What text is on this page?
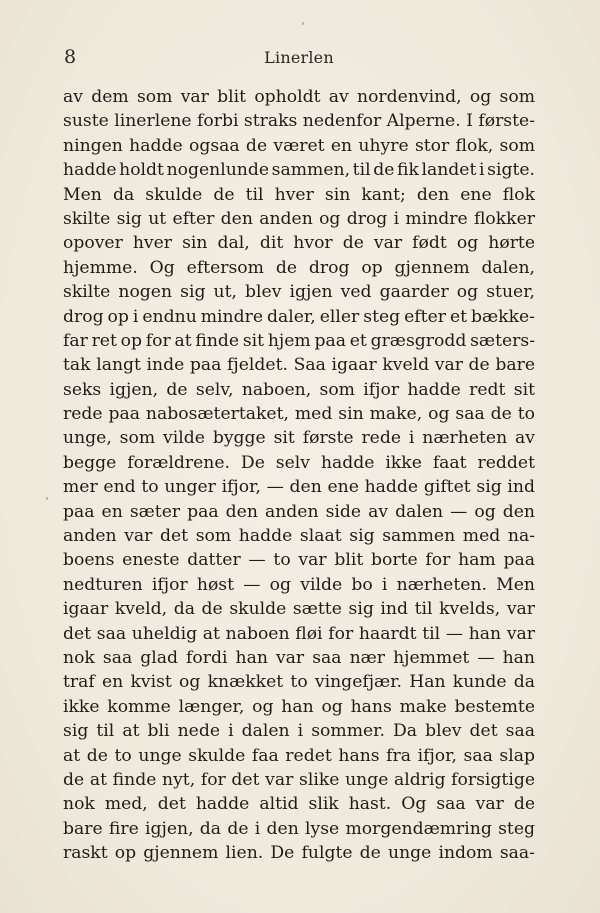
8	Linerlen
av dem som var blit opholdt av nordenvind, og som
suste linerlene forbi straks nedenfor Alperne. I første-
ningen hadde ogsaa de været en uhyre stor flok, som
hadde holdt nogenlunde sammen, til de fik landet i sigte.
Men da skulde de til hver sin kant; den ene flok
skilte sig ut efter den anden og drog i mindre flokker
opover hver sin dal, dit hvor de var født og hørte
hjemme. Og eftersom de drog op gjennem dalen,
skilte nogen sig ut, blev igjen ved gaarder og stuer,
drog op i endnu mindre daler, eller steg efter et bække-
far ret op for at finde sit hjem paa et græsgrodd sæters-
tak langt inde paa fjeldet. Saa igaar kveld var de bare
seks igjen, de selv, naboen, som ifjor hadde redt sit
rede paa nabosætertaket, med sin make, og saa de to
unge, som vilde bygge sit første rede i nærheten av
begge forældrene. De selv hadde ikke faat reddet
mer end to unger ifjor, — den ene hadde giftet sig ind
paa en sæter paa den anden side av dalen — og den
anden var det som hadde slaat sig sammen med na-
boens eneste datter — to var blit borte for ham paa
nedturen ifjor høst — og vilde bo i nærheten. Men
igaar kveld, da de skulde sætte sig ind til kvelds, var
det saa uheldig at naboen fløi for haardt til — han var
nok saa glad fordi han var saa nær hjemmet — han
traf en kvist og knækket to vingefjær. Han kunde da
ikke komme længer, og han og hans make bestemte
sig til at bli nede i dalen i sommer. Da blev det saa
at de to unge skulde faa redet hans fra ifjor, saa slap
de at finde nyt, for det var slike unge aldrig forsigtige
nok med, det hadde altid slik hast. Og saa var de
bare fire igjen, da de i den lyse morgendæmring steg
raskt op gjennem lien. De fulgte de unge indom saa-
